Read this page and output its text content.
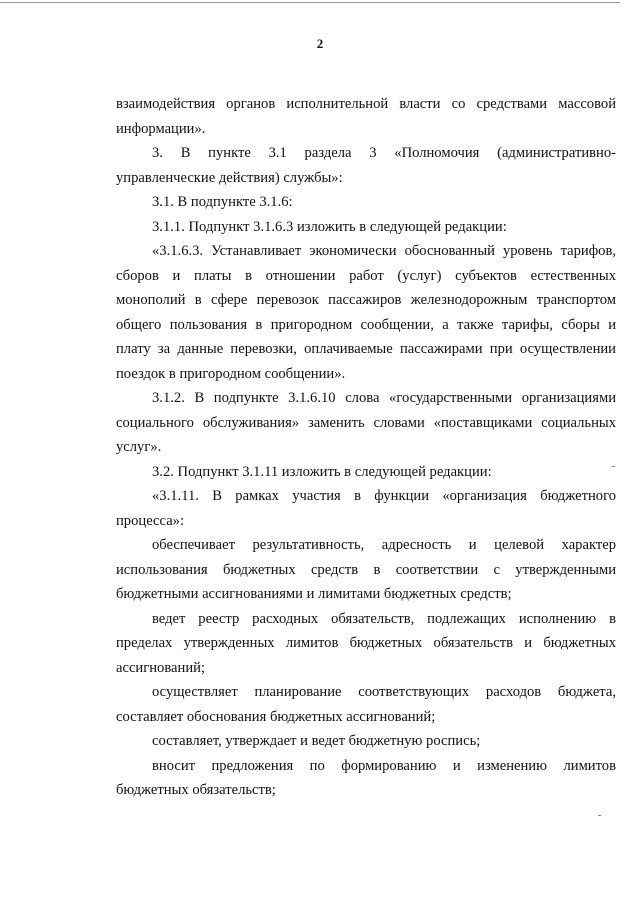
2
взаимодействия органов исполнительной власти со средствами массовой
информации».
3. В пункте 3.1 раздела 3 «Полномочия (административно-
управленческие действия) службы»:
3.1. В подпункте 3.1.6:
3.1.1. Подпункт 3.1.6.3 изложить в следующей редакции:
«3.1.6.3. Устанавливает экономически обоснованный уровень тарифов,
сборов и платы в отношении работ (услуг) субъектов естественных
монополий в сфере перевозок пассажиров железнодорожным транспортом
общего пользования в пригородном сообщении, а также тарифы, сборы и
плату за данные перевозки, оплачиваемые пассажирами при осуществлении
поездок в пригородном сообщении».
3.1.2. В подпункте 3.1.6.10 слова «государственными организациями
социального обслуживания» заменить словами «поставщиками социальных
услуг».
3.2. Подпункт 3.1.11 изложить в следующей редакции:
«3.1.11. В рамках участия в функции «организация бюджетного
процесса»:
обеспечивает результативность, адресность и целевой характер
использования бюджетных средств в соответствии с утвержденными
бюджетными ассигнованиями и лимитами бюджетных средств;
ведет реестр расходных обязательств, подлежащих исполнению в
пределах утвержденных лимитов бюджетных обязательств и бюджетных
ассигнований;
осуществляет планирование соответствующих расходов бюджета,
составляет обоснования бюджетных ассигнований;
составляет, утверждает и ведет бюджетную роспись;
вносит предложения по формированию и изменению лимитов
бюджетных обязательств;
